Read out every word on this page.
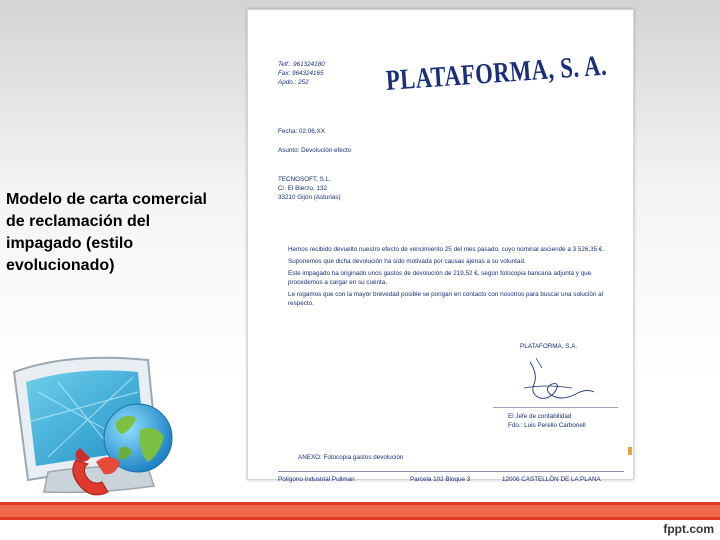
Modelo de carta comercial
de reclamación del
impagado (estilo
evolucionado)
Telf.: 961324180
Fax: 964324165
Apdo.: 252	PLATAFORMA, S. A.
Fecha: 02.06.XX
Asunto: Devolución efecto
TECNOSOFT, S.L.
C/. El Bierzo, 132
33210 Gijón (Asturias)

Hemos recibido devuelto nuestro efecto de vencimiento 25 del mes pasado, cuyo nominal asciende a 3 526,35 €.

Suponemos que dicha devolución ha sido motivada por causas ajenas a su voluntad.

Este impagado ha originado unos gastos de devolución de 219,52 €, según fotocopia bancaria adjunta y que procedemos a cargar en su cuenta.

Le rogamos que con la mayor brevedad posible se pongan en contacto con nosotros para buscar una solución al respecto.

PLATAFORMA, S.A.
El Jefe de contabilidad
Fdo.: Luis Perello Carbonell
ANEXO: Fotocopia gastos devolución
Polígono Industrial Pullman	Parcela 102 Bloque 3	12006 CASTELLÓN DE LA PLANA
fppt.com
